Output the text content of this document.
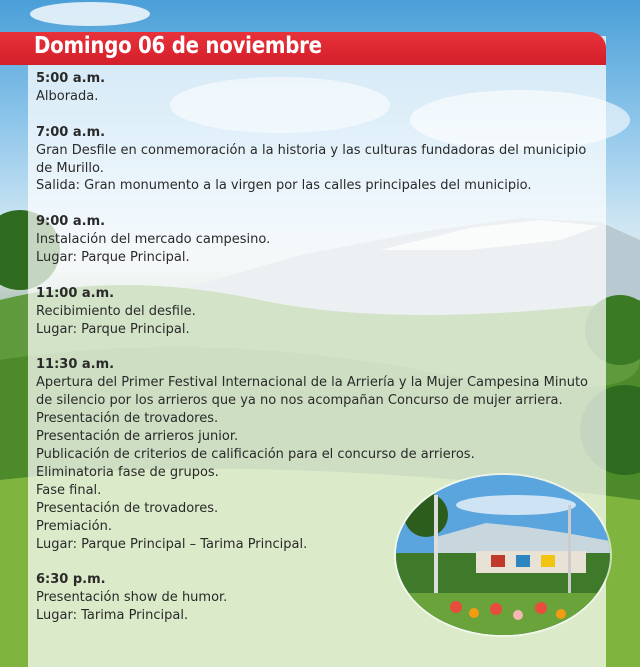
Domingo 06 de noviembre
5:00 a.m.
Alborada.
7:00 a.m.
Gran Desfile en conmemoración a la historia y las culturas fundadoras del municipio
de Murillo.
Salida: Gran monumento a la virgen por las calles principales del municipio.
9:00 a.m.
Instalación del mercado campesino.
Lugar: Parque Principal.
11:00 a.m.
Recibimiento del desfile.
Lugar: Parque Principal.
11:30 a.m.
Apertura del Primer Festival Internacional de la Arriería y la Mujer Campesina Minuto
de silencio por los arrieros que ya no nos acompañan Concurso de mujer arriera.
Presentación de trovadores.
Presentación de arrieros junior.
Publicación de criterios de calificación para el concurso de arrieros.
Eliminatoria fase de grupos.
Fase final.
Presentación de trovadores.
Premiación.
Lugar: Parque Principal – Tarima Principal.
6:30 p.m.
Presentación show de humor.
Lugar: Tarima Principal.
